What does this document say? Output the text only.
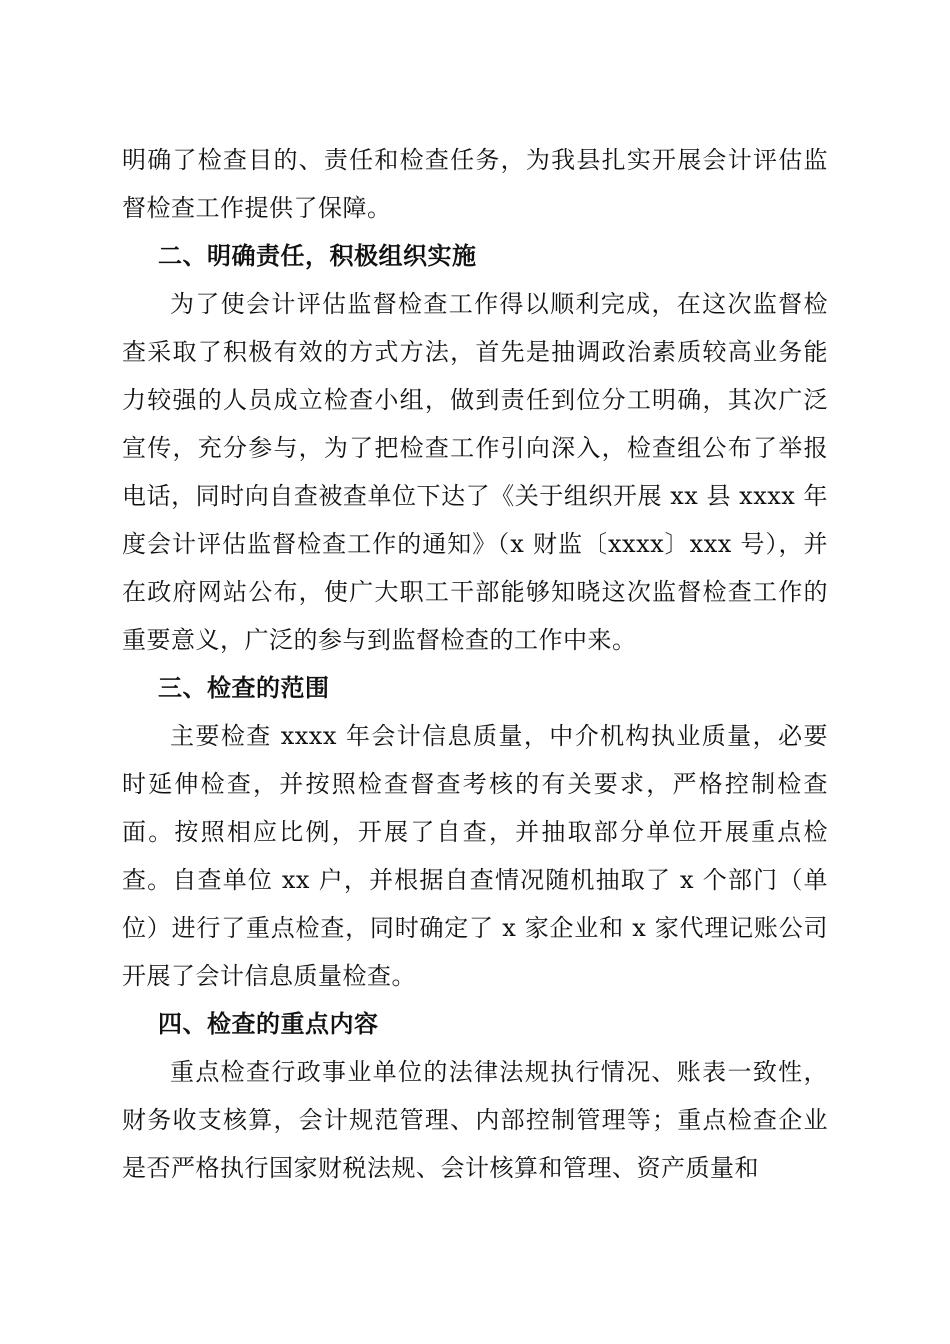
明确了检查目的、责任和检查任务，为我县扎实开展会计评估监督检查工作提供了保障。

二、明确责任，积极组织实施

为了使会计评估监督检查工作得以顺利完成，在这次监督检查采取了积极有效的方式方法，首先是抽调政治素质较高业务能力较强的人员成立检查小组，做到责任到位分工明确，其次广泛宣传，充分参与，为了把检查工作引向深入，检查组公布了举报电话，同时向自查被查单位下达了《关于组织开展 xx 县 xxxx 年度会计评估监督检查工作的通知》（x 财监〔xxxx〕xxx 号），并在政府网站公布，使广大职工干部能够知晓这次监督检查工作的重要意义，广泛的参与到监督检查的工作中来。

三、检查的范围

主要检查 xxxx 年会计信息质量，中介机构执业质量，必要时延伸检查，并按照检查督查考核的有关要求，严格控制检查面。按照相应比例，开展了自查，并抽取部分单位开展重点检查。自查单位 xx 户，并根据自查情况随机抽取了 x 个部门（单位）进行了重点检查，同时确定了 x 家企业和 x 家代理记账公司开展了会计信息质量检查。

四、检查的重点内容

重点检查行政事业单位的法律法规执行情况、账表一致性，财务收支核算，会计规范管理、内部控制管理等；重点检查企业是否严格执行国家财税法规、会计核算和管理、资产质量和
